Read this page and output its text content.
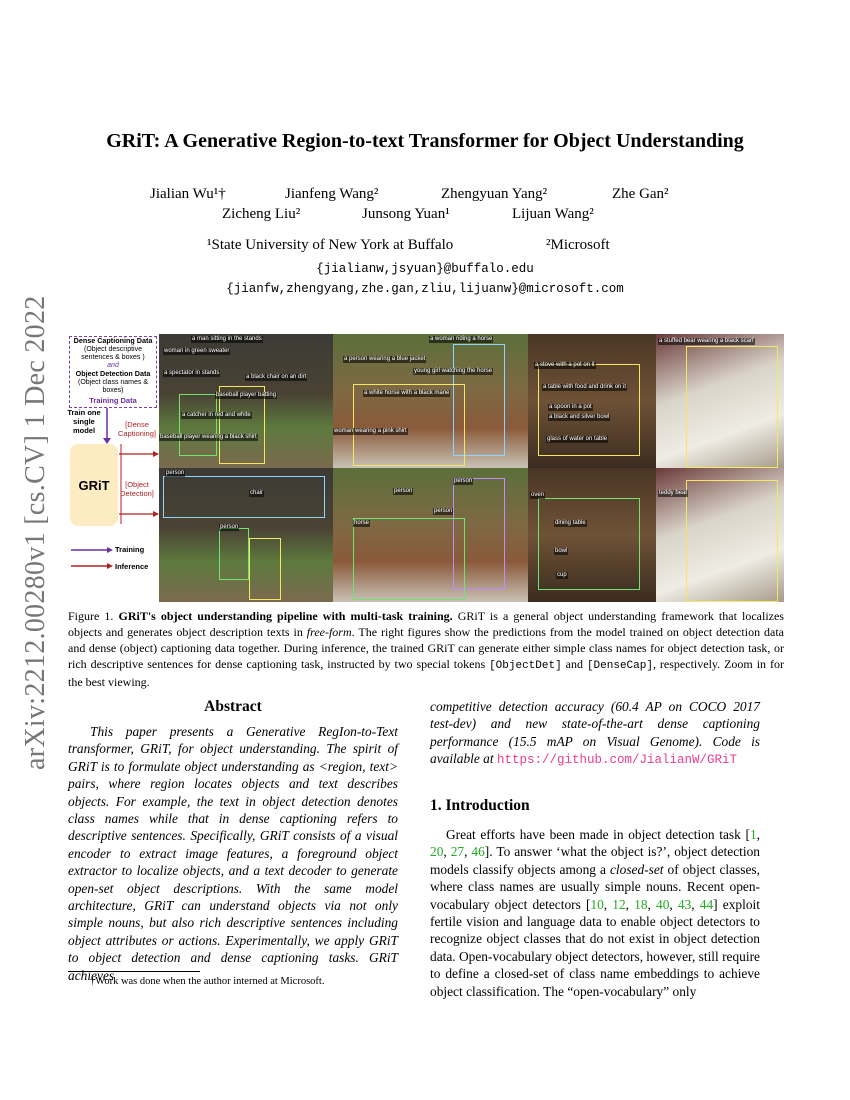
arXiv:2212.00280v1 [cs.CV] 1 Dec 2022
GRiT: A Generative Region-to-text Transformer for Object Understanding
Jialian Wu¹†	Jianfeng Wang²	Zhengyuan Yang²	Zhe Gan²
Zicheng Liu²	Junsong Yuan¹	Lijuan Wang²
¹State University of New York at Buffalo	²Microsoft
{jialianw,jsyuan}@buffalo.edu
{jianfw,zhengyang,zhe.gan,zliu,lijuanw}@microsoft.com
Dense Captioning Data
(Object descriptive sentences & boxes )
and
Object Detection Data
(Object class names & boxes)
Training Data
Train one single model
GRiT
[Dense Captioning]
[Object Detection]
Training
Inference
a man sitting in the stands
woman in green sweater
a spectator in stands
a black chair on an dirt
baseball player batting
a catcher in red and white
baseball player wearing a black shirt
a woman riding a horse
a person wearing a blue jacket
young girl watching the horse
a white horse with a black mane
woman wearing a pink shirt
a stove with a pot on it
a table with food and drink on it
a spoon in a pot
a black and silver bowl
glass of water on table
a stuffed bear wearing a black scarf
person
chair
person
person
person
horse
person
oven
dining table
bowl
cup
teddy bear
Figure 1. GRiT's object understanding pipeline with multi-task training. GRiT is a general object understanding framework that localizes objects and generates object description texts in free-form. The right figures show the predictions from the model trained on object detection data and dense (object) captioning data together. During inference, the trained GRiT can generate either simple class names for object detection task, or rich descriptive sentences for dense captioning task, instructed by two special tokens [ObjectDet] and [DenseCap], respectively. Zoom in for the best viewing.
Abstract
This paper presents a Generative RegIon-to-Text transformer, GRiT, for object understanding. The spirit of GRiT is to formulate object understanding as <region, text> pairs, where region locates objects and text describes objects. For example, the text in object detection denotes class names while that in dense captioning refers to descriptive sentences. Specifically, GRiT consists of a visual encoder to extract image features, a foreground object extractor to localize objects, and a text decoder to generate open-set object descriptions. With the same model architecture, GRiT can understand objects via not only simple nouns, but also rich descriptive sentences including object attributes or actions. Experimentally, we apply GRiT to object detection and dense captioning tasks. GRiT achieves
†Work was done when the author interned at Microsoft.
competitive detection accuracy (60.4 AP on COCO 2017 test-dev) and new state-of-the-art dense captioning performance (15.5 mAP on Visual Genome). Code is available at https://github.com/JialianW/GRiT
1. Introduction
Great efforts have been made in object detection task [1, 20, 27, 46]. To answer ‘what the object is?’, object detection models classify objects among a closed-set of object classes, where class names are usually simple nouns. Recent open-vocabulary object detectors [10, 12, 18, 40, 43, 44] exploit fertile vision and language data to enable object detectors to recognize object classes that do not exist in object detection data. Open-vocabulary object detectors, however, still require to define a closed-set of class name embeddings to achieve object classification. The “open-vocabulary” only
